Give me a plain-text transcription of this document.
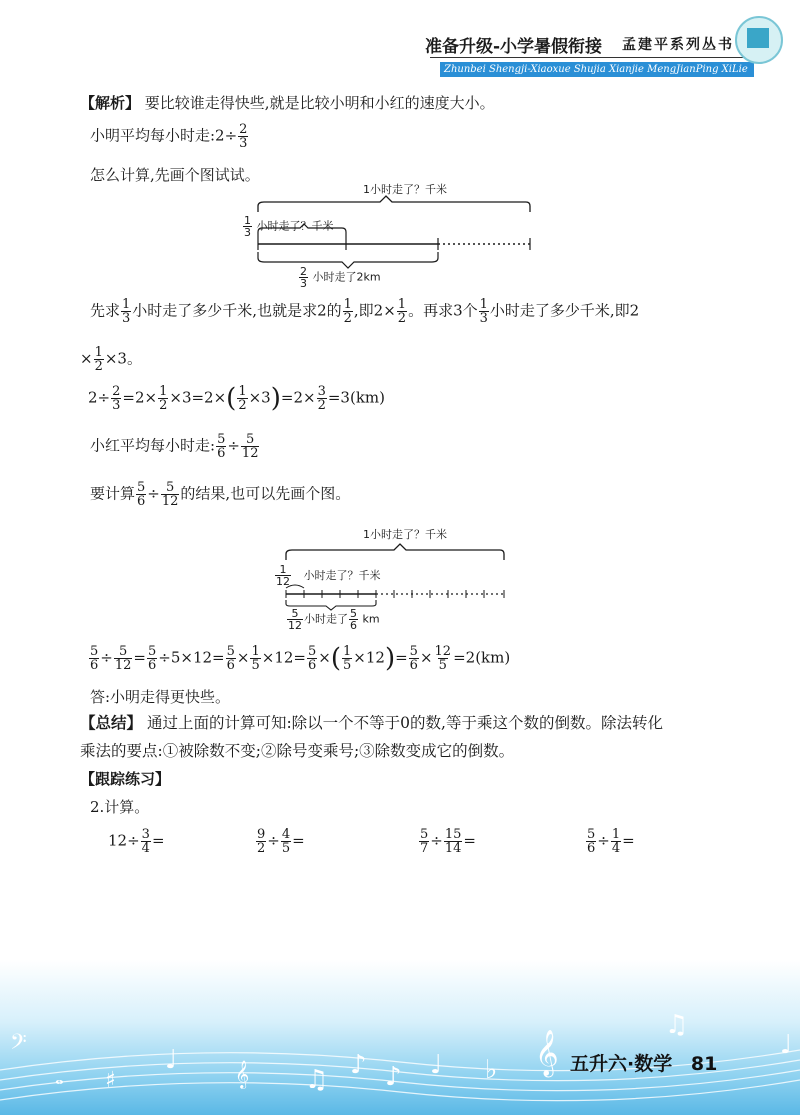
准备升级-小学暑假衔接 孟建平系列丛书
Zhunbei Shengji-Xiaoxue Shujia Xianjie MengJianPing XiLie Congshu
【解析】 要比较谁走得快些,就是比较小明和小红的速度大小。
小明平均每小时走:2÷ $\frac{2}{3}$
怎么计算,先画个图试试。
1小时走了？千米
$\frac{1}{3}$ 小时走了？千米
$\frac{2}{3}$ 小时走了2km
先求 $\frac{1}{3}$ 小时走了多少千米,也就是求2的 $\frac{1}{2}$ ,即$2\times \frac{1}{2}$ 。再求3个 $\frac{1}{3}$ 小时走了多少千米,即2
× $\frac{1}{2} \times 3$。
$2\div \frac{2}{3} =2\times \frac{1}{2} \times 3=2\times( \frac{1}{2} \times 3)=2\times \frac{3}{2} =3(km)$
小红平均每小时走: $\frac{5}{6} \div \frac{5}{12}$
要计算 $\frac{5}{6} \div \frac{5}{12}$ 的结果,也可以先画个图。
1小时走了？千米
$\frac{1}{12}$ 小时走了？千米
$\frac{5}{12}$ 小时走了 $\frac{5}{6}$ km
$\frac{5}{6} \div \frac{5}{12} = \frac{5}{6} \div 5\times 12= \frac{5}{6} \times \frac{1}{5} \times 12= \frac{5}{6}$ ×( $\frac{1}{5} \times 12)= \frac{5}{6} \times \frac{12}{5} =2(km)$
答:小明走得更快些。
【总结】 通过上面的计算可知:除以一个不等于0的数,等于乘这个数的倒数。除法转化
乘法的要点:①被除数不变;②除号变乘号;③除数变成它的倒数。
【跟踪练习】
2.计算。
$12\div \frac{3}{4}$ =	$\frac{9}{2} \div \frac{4}{5}$ =	$\frac{5}{7} \div \frac{15}{14}$ =	$\frac{5}{6} \div \frac{1}{4}$ =
𝄢
𝅝 ♯
♩ 𝄞 ♫ ♪ ♪ ♩ ♭ 𝄞
♫
♩
五升六·数学 81
